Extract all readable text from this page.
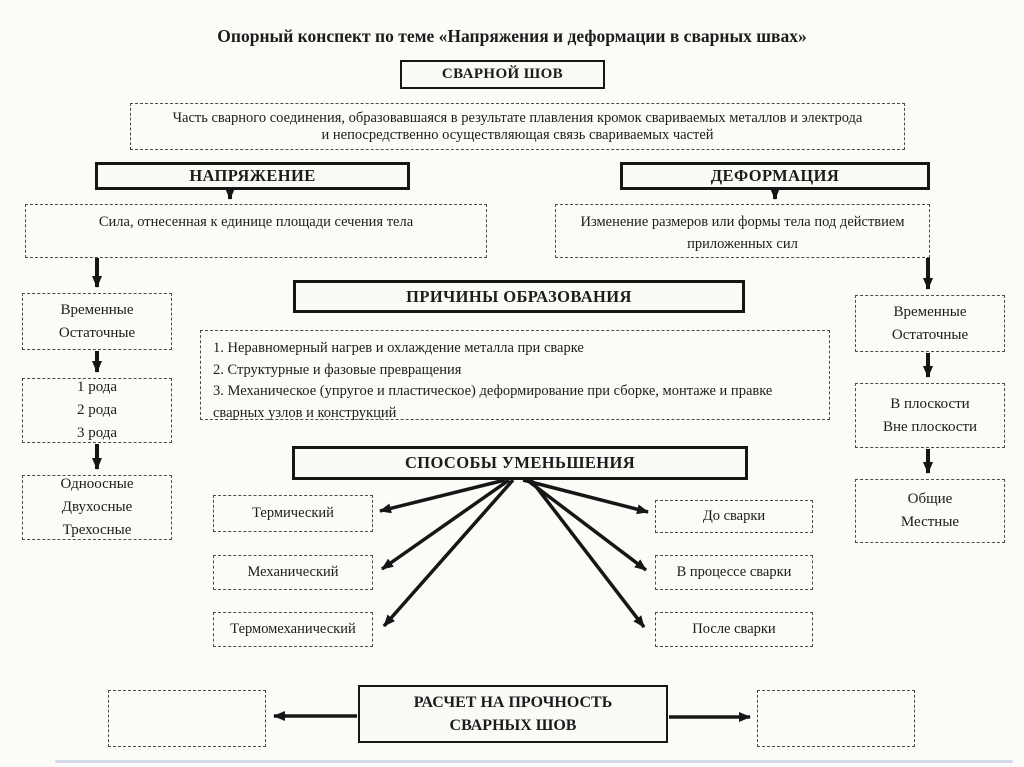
Опорный конспект по теме «Напряжения и деформации в сварных швах»
СВАРНОЙ ШОВ
Часть сварного соединения, образовавшаяся в результате плавления кромок свариваемых металлов и электрода
и непосредственно осуществляющая связь свариваемых частей
НАПРЯЖЕНИЕ	ДЕФОРМАЦИЯ
Сила, отнесенная к единице площади сечения тела	Изменение размеров или формы тела под действием
приложенных сил
Временные
Остаточные
1 рода
2 рода
3 рода
Одноосные
Двухосные
Трехосные
Временные
Остаточные
В плоскости
Вне плоскости
Общие
Местные
ПРИЧИНЫ ОБРАЗОВАНИЯ
1. Неравномерный нагрев и охлаждение металла при сварке
2. Структурные и фазовые превращения
3. Механическое (упругое и пластическое) деформирование при сборке, монтаже и правке сварных узлов и конструкций
СПОСОБЫ УМЕНЬШЕНИЯ
Термический
Механический
Термомеханический
До сварки
В процессе сварки
После сварки
РАСЧЕТ НА ПРОЧНОСТЬ
СВАРНЫХ ШОВ
